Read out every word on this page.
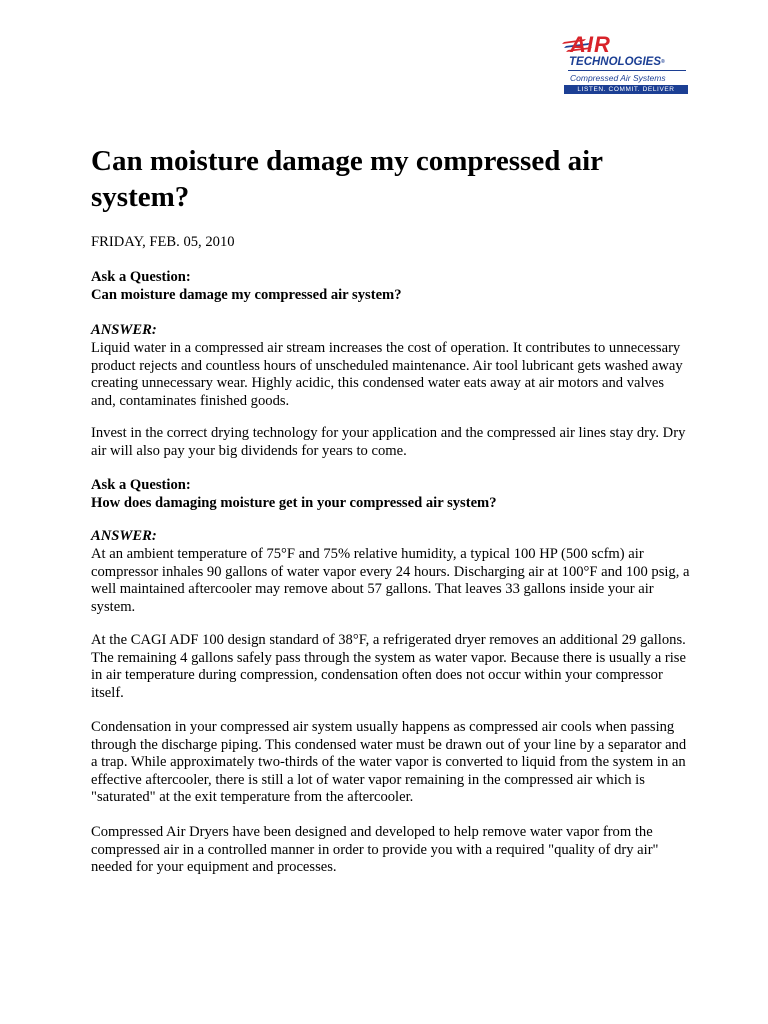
AIR
TECHNOLOGIES®
Compressed Air Systems
LISTEN. COMMIT. DELIVER
Can moisture damage my compressed air system?

FRIDAY, FEB. 05, 2010

Ask a Question:

Can moisture damage my compressed air system?

ANSWER:

Liquid water in a compressed air stream increases the cost of operation. It contributes to unnecessary product rejects and countless hours of unscheduled maintenance. Air tool lubricant gets washed away creating unnecessary wear. Highly acidic, this condensed water eats away at air motors and valves and, contaminates finished goods.

Invest in the correct drying technology for your application and the compressed air lines stay dry. Dry air will also pay your big dividends for years to come.

Ask a Question:

How does damaging moisture get in your compressed air system?

ANSWER:

At an ambient temperature of 75°F and 75% relative humidity, a typical 100 HP (500 scfm) air compressor inhales 90 gallons of water vapor every 24 hours. Discharging air at 100°F and 100 psig, a well maintained aftercooler may remove about 57 gallons. That leaves 33 gallons inside your air system.

At the CAGI ADF 100 design standard of 38°F, a refrigerated dryer removes an additional 29 gallons. The remaining 4 gallons safely pass through the system as water vapor. Because there is usually a rise in air temperature during compression, condensation often does not occur within your compressor itself.

Condensation in your compressed air system usually happens as compressed air cools when passing through the discharge piping. This condensed water must be drawn out of your line by a separator and a trap. While approximately two-thirds of the water vapor is converted to liquid from the system in an effective aftercooler, there is still a lot of water vapor remaining in the compressed air which is "saturated" at the exit temperature from the aftercooler.

Compressed Air Dryers have been designed and developed to help remove water vapor from the compressed air in a controlled manner in order to provide you with a required "quality of dry air" needed for your equipment and processes.
